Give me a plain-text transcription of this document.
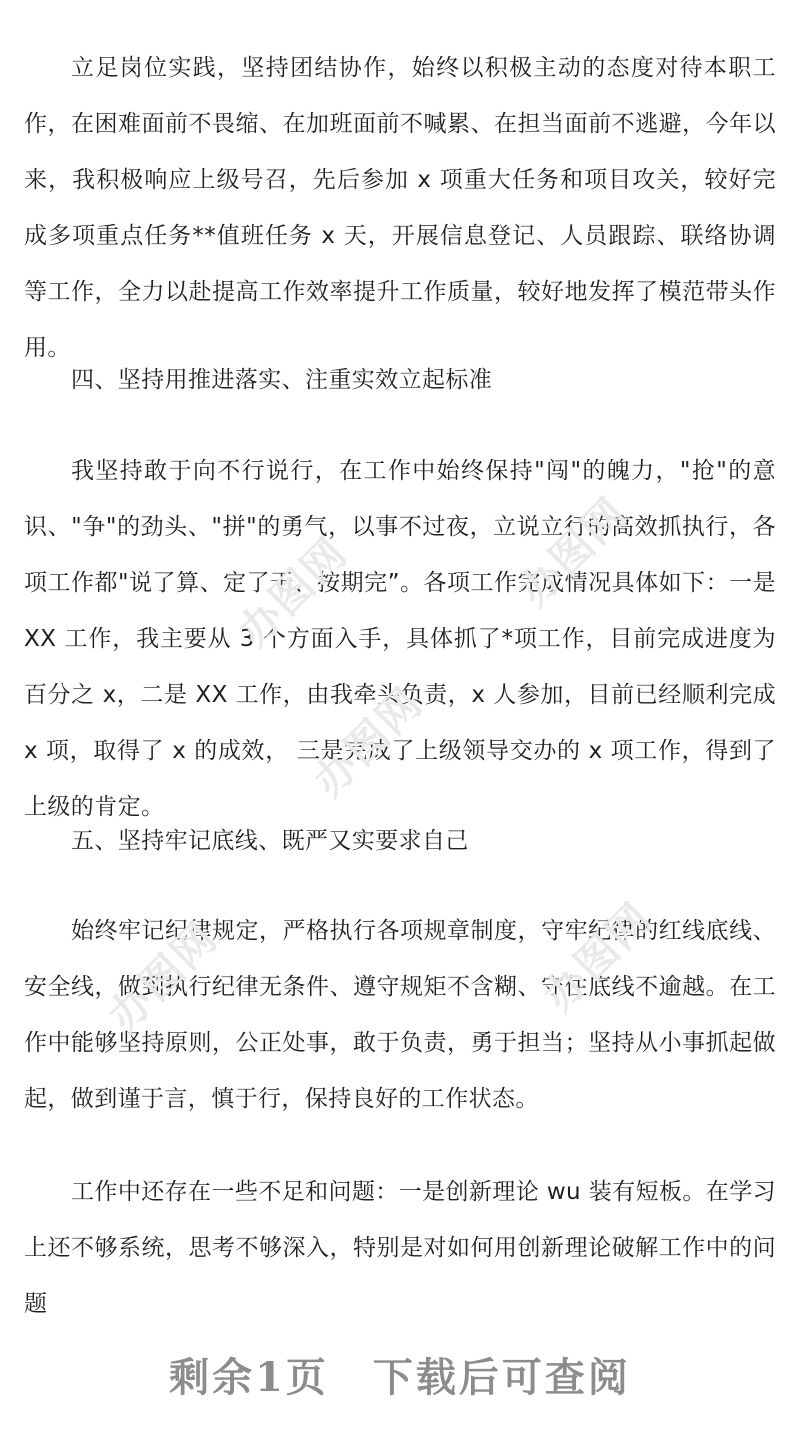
立足岗位实践，坚持团结协作，始终以积极主动的态度对待本职工作，在困难面前不畏缩、在加班面前不喊累、在担当面前不逃避，今年以来，我积极响应上级号召，先后参加 x 项重大任务和项目攻关，较好完成多项重点任务**值班任务 x 天，开展信息登记、人员跟踪、联络协调等工作，全力以赴提高工作效率提升工作质量，较好地发挥了模范带头作用。

四、坚持用推进落实、注重实效立起标准

我坚持敢于向不行说行，在工作中始终保持"闯"的魄力，"抢"的意识、"争"的劲头、"拼"的勇气，以事不过夜，立说立行的高效抓执行，各项工作都"说了算、定了干、按期完”。各项工作完成情况具体如下：一是 XX 工作，我主要从 3 个方面入手，具体抓了*项工作，目前完成进度为百分之 x，二是 XX 工作，由我牵头负责，x 人参加，目前已经顺利完成 x 项，取得了 x 的成效， 三是完成了上级领导交办的 x 项工作，得到了上级的肯定。

五、坚持牢记底线、既严又实要求自己

始终牢记纪律规定，严格执行各项规章制度，守牢纪律的红线底线、安全线，做到执行纪律无条件、遵守规矩不含糊、守住底线不逾越。在工作中能够坚持原则，公正处事，敢于负责，勇于担当；坚持从小事抓起做起，做到谨于言，慎于行，保持良好的工作状态。

工作中还存在一些不足和问题：一是创新理论 wu 装有短板。在学习上还不够系统，思考不够深入，特别是对如何用创新理论破解工作中的问题

办图网	办图网
办图网
办图网
办图网
剩余1页 下载后可查阅
